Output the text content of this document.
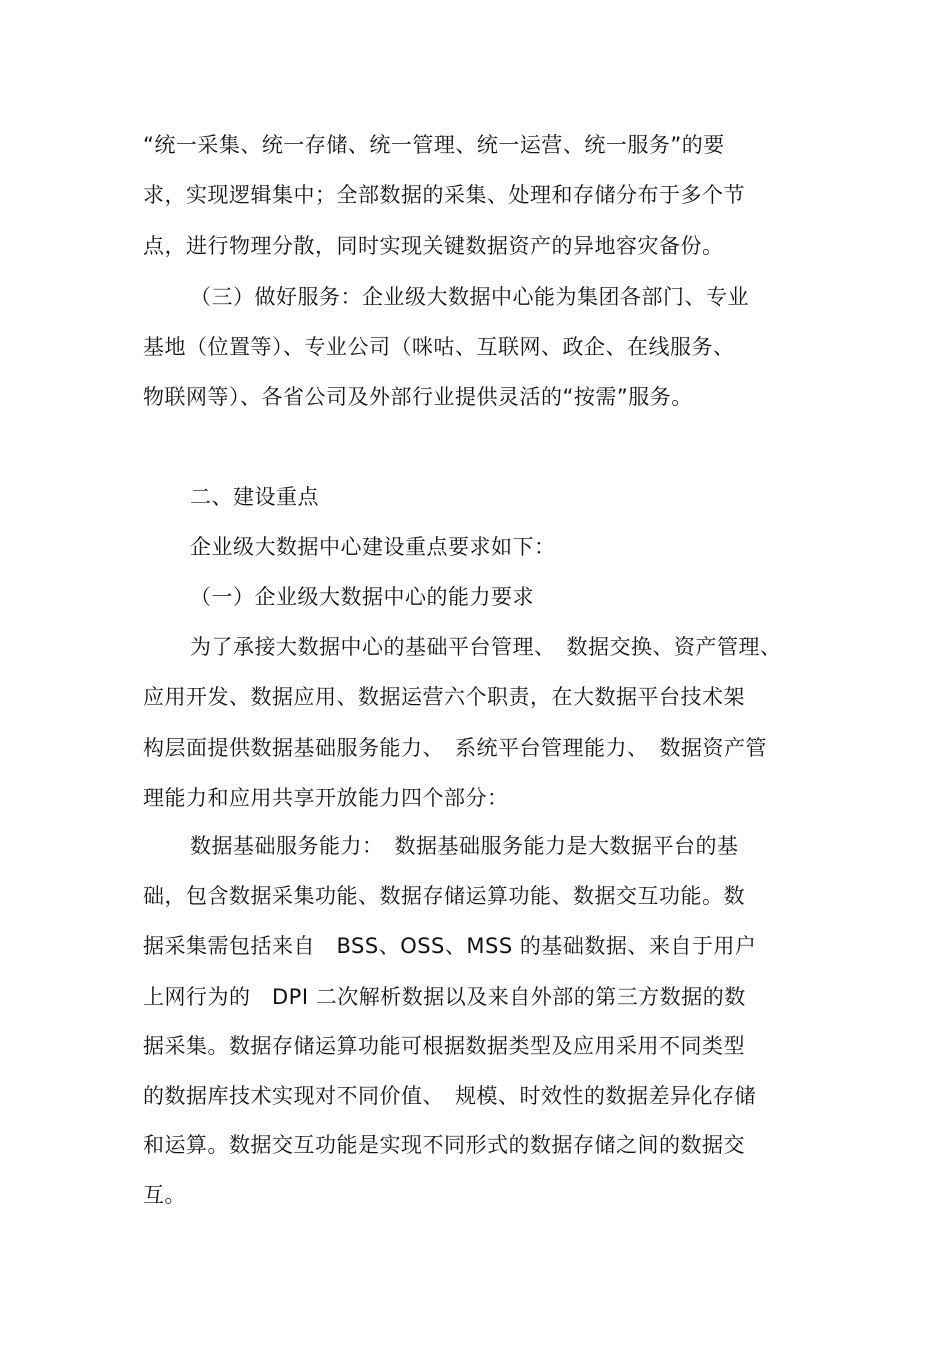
“统一采集、统一存储、统一管理、统一运营、统一服务”的要
求，实现逻辑集中；全部数据的采集、处理和存储分布于多个节
点，进行物理分散，同时实现关键数据资产的异地容灾备份。
（三）做好服务：企业级大数据中心能为集团各部门、专业
基地（位置等）、专业公司（咪咕、互联网、政企、在线服务、
物联网等）、各省公司及外部行业提供灵活的“按需”服务。
二、建设重点
企业级大数据中心建设重点要求如下：
（一）企业级大数据中心的能力要求
为了承接大数据中心的基础平台管理、　数据交换、资产管理、
应用开发、数据应用、数据运营六个职责，在大数据平台技术架
构层面提供数据基础服务能力、　系统平台管理能力、　数据资产管
理能力和应用共享开放能力四个部分：
数据基础服务能力：　数据基础服务能力是大数据平台的基
础，包含数据采集功能、数据存储运算功能、数据交互功能。数
据采集需包括来自　BSS、OSS、MSS 的基础数据、来自于用户
上网行为的　DPI 二次解析数据以及来自外部的第三方数据的数
据采集。数据存储运算功能可根据数据类型及应用采用不同类型
的数据库技术实现对不同价值、　规模、时效性的数据差异化存储
和运算。数据交互功能是实现不同形式的数据存储之间的数据交
互。
